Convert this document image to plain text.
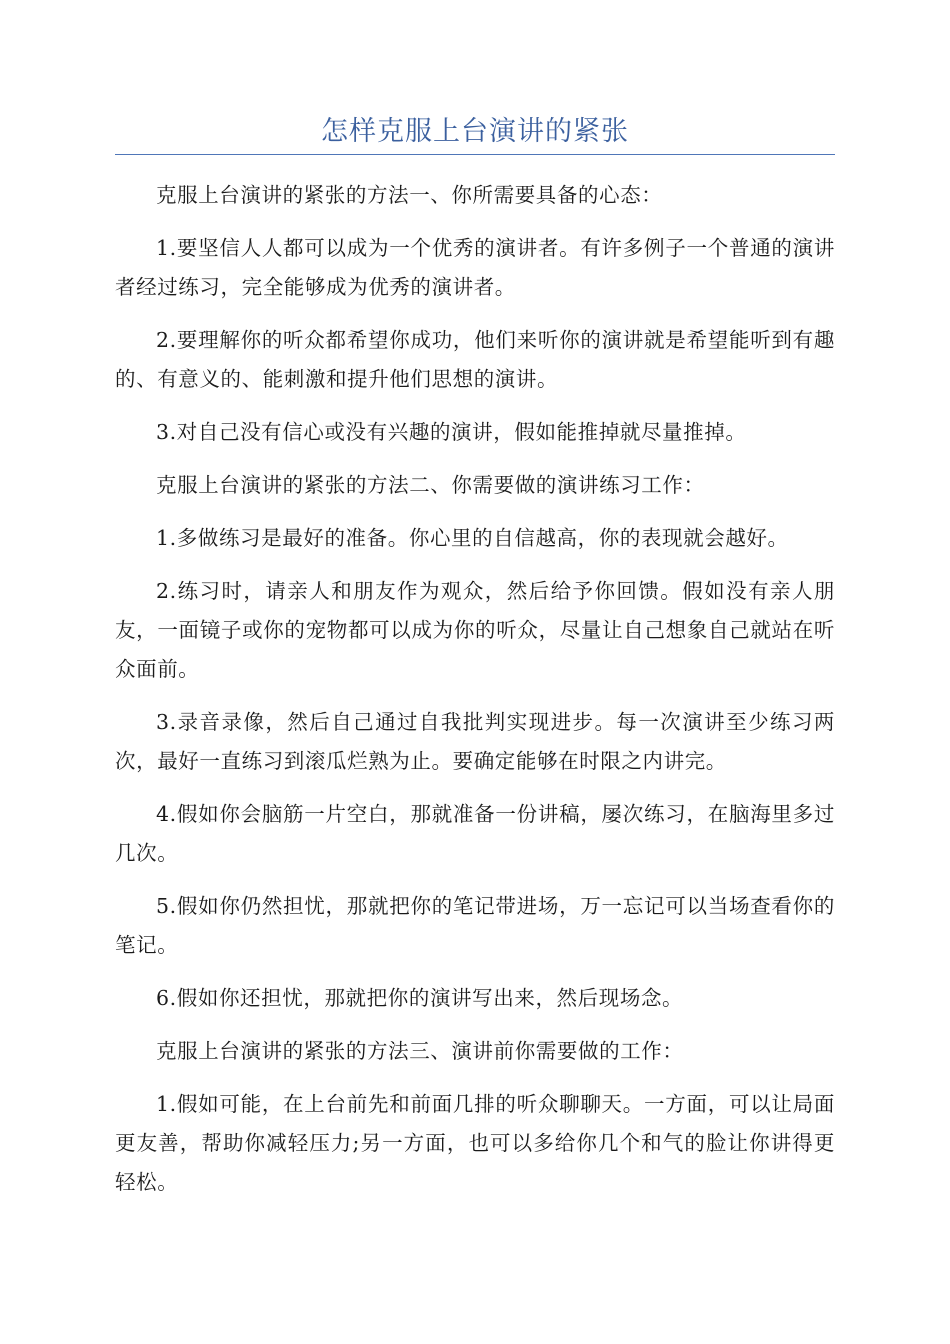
怎样克服上台演讲的紧张

克服上台演讲的紧张的方法一、你所需要具备的心态：

1.要坚信人人都可以成为一个优秀的演讲者。有许多例子一个普通的演讲者经过练习，完全能够成为优秀的演讲者。

2.要理解你的听众都希望你成功，他们来听你的演讲就是希望能听到有趣的、有意义的、能刺激和提升他们思想的演讲。

3.对自己没有信心或没有兴趣的演讲，假如能推掉就尽量推掉。

克服上台演讲的紧张的方法二、你需要做的演讲练习工作：

1.多做练习是最好的准备。你心里的自信越高，你的表现就会越好。

2.练习时，请亲人和朋友作为观众，然后给予你回馈。假如没有亲人朋友，一面镜子或你的宠物都可以成为你的听众，尽量让自己想象自己就站在听众面前。

3.录音录像，然后自己通过自我批判实现进步。每一次演讲至少练习两次，最好一直练习到滚瓜烂熟为止。要确定能够在时限之内讲完。

4.假如你会脑筋一片空白，那就准备一份讲稿，屡次练习，在脑海里多过几次。

5.假如你仍然担忧，那就把你的笔记带进场，万一忘记可以当场查看你的笔记。

6.假如你还担忧，那就把你的演讲写出来，然后现场念。

克服上台演讲的紧张的方法三、演讲前你需要做的工作：

1.假如可能，在上台前先和前面几排的听众聊聊天。一方面，可以让局面更友善，帮助你减轻压力;另一方面，也可以多给你几个和气的脸让你讲得更轻松。
